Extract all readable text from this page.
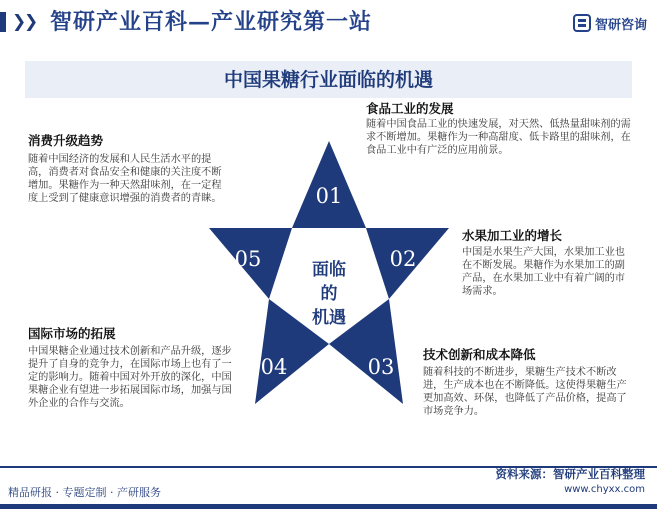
❯
❯ 智研产业百科—产业研究第一站	智研咨询
中国果糖行业面临的机遇
01
02
03
04
05	面临
的
机遇
食品工业的发展
随着中国食品工业的快速发展，对天然、低热量甜味剂的需求不断增加。果糖作为一种高甜度、低卡路里的甜味剂，在食品工业中有广泛的应用前景。
水果加工业的增长
中国是水果生产大国，水果加工业也在不断发展。果糖作为水果加工的副产品，在水果加工业中有着广阔的市场需求。
技术创新和成本降低
随着科技的不断进步，果糖生产技术不断改进，生产成本也在不断降低。这使得果糖生产更加高效、环保，也降低了产品价格，提高了市场竞争力。
国际市场的拓展
中国果糖企业通过技术创新和产品升级，逐步提升了自身的竞争力，在国际市场上也有了一定的影响力。随着中国对外开放的深化，中国果糖企业有望进一步拓展国际市场，加强与国外企业的合作与交流。
消费升级趋势
随着中国经济的发展和人民生活水平的提高，消费者对食品安全和健康的关注度不断增加。果糖作为一种天然甜味剂，在一定程度上受到了健康意识增强的消费者的青睐。
资料来源：智研产业百科整理
精品研报 · 专题定制 · 产研服务	www.chyxx.com
